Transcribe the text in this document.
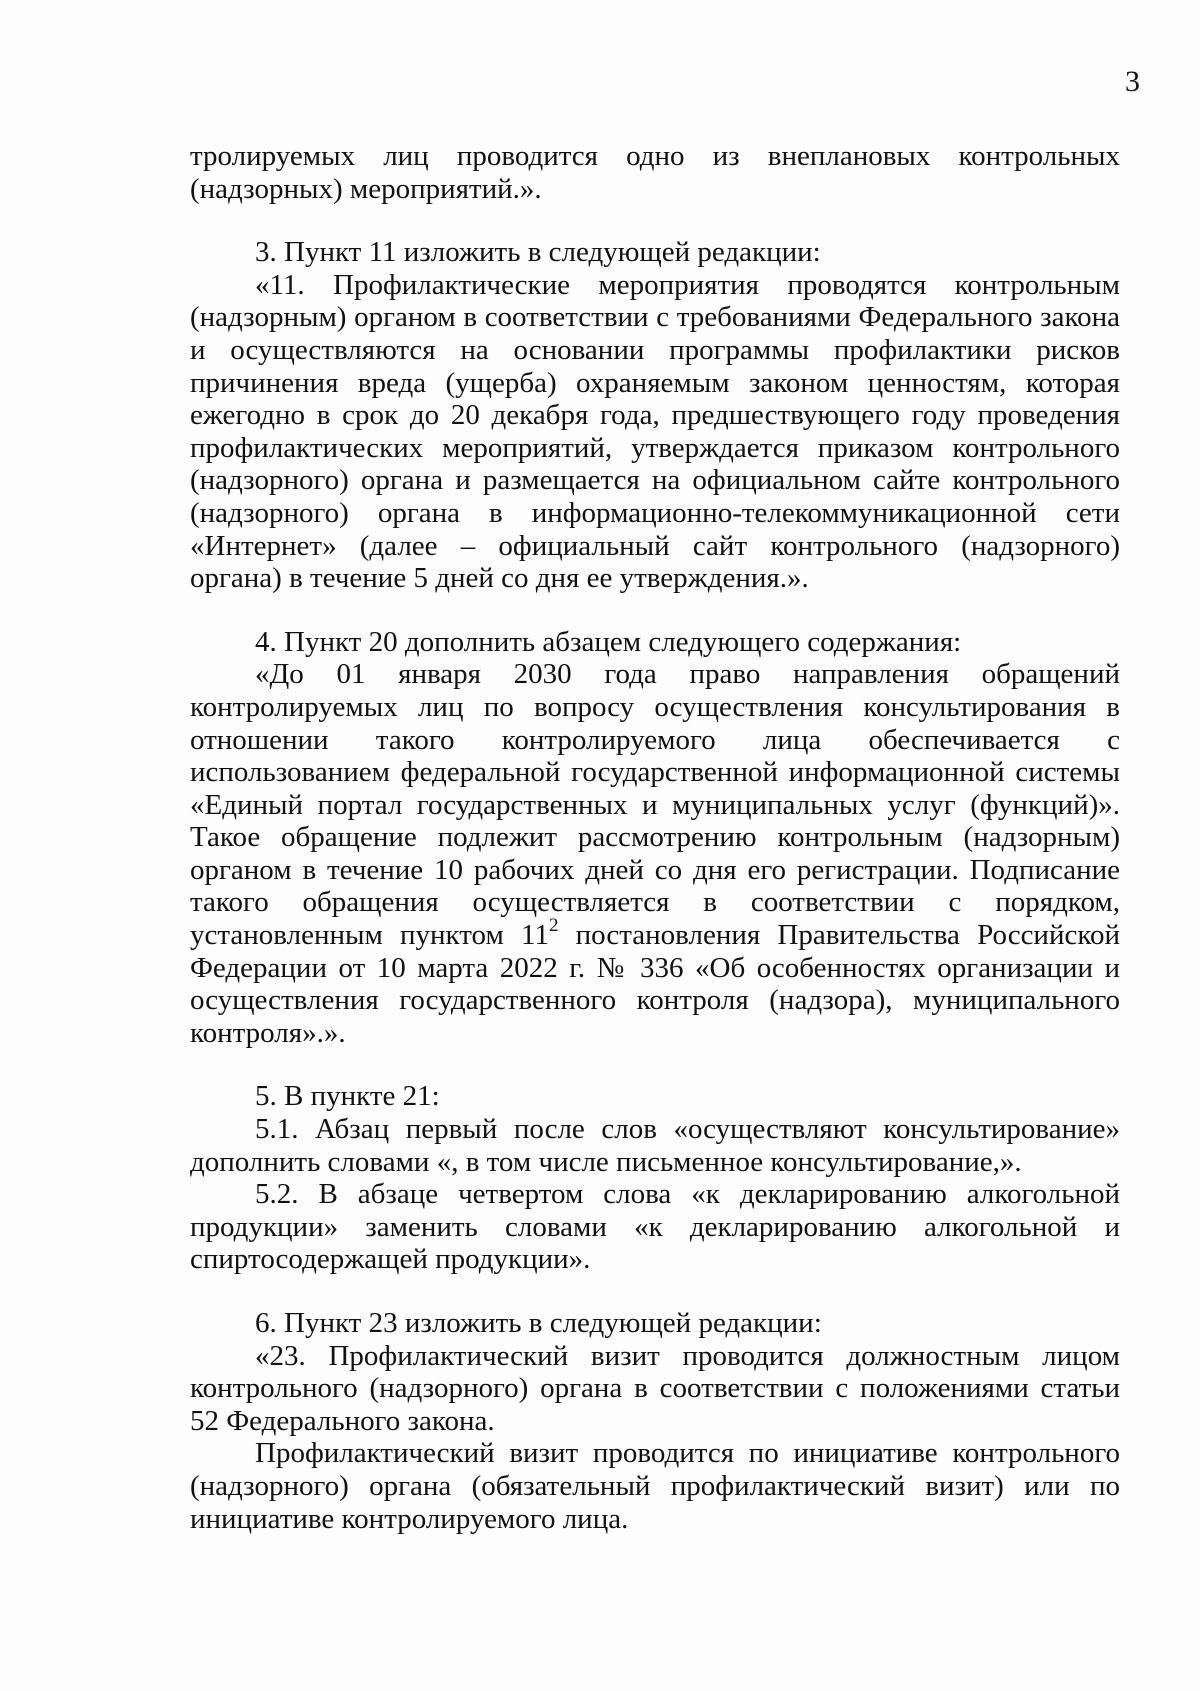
3

тролируемых лиц проводится одно из внеплановых контрольных (надзорных) мероприятий.».

3. Пункт 11 изложить в следующей редакции:

«11. Профилактические мероприятия проводятся контрольным (надзорным) органом в соответствии с требованиями Федерального закона и осуществляются на основании программы профилактики рисков причинения вреда (ущерба) охраняемым законом ценностям, которая ежегодно в срок до 20 декабря года, предшествующего году проведения профилактических мероприятий, утверждается приказом контрольного (надзорного) органа и размещается на официальном сайте контрольного (надзорного) органа в информационно-телекоммуникационной сети «Интернет» (далее – официальный сайт контрольного (надзорного) органа) в течение 5 дней со дня ее утверждения.».

4. Пункт 20 дополнить абзацем следующего содержания:

«До 01 января 2030 года право направления обращений контролируемых лиц по вопросу осуществления консультирования в отношении такого контролируемого лица обеспечивается с использованием федеральной государственной информационной системы «Единый портал государственных и муниципальных услуг (функций)». Такое обращение подлежит рассмотрению контрольным (надзорным) органом в течение 10 рабочих дней со дня его регистрации. Подписание такого обращения осуществляется в соответствии с порядком, установленным пунктом $11^2$ постановления Правительства Российской Федерации от 10 марта 2022 г. № 336 «Об особенностях организации и осуществления государственного контроля (надзора), муниципального контроля».».

5. В пункте 21:

5.1. Абзац первый после слов «осуществляют консультирование» дополнить словами «, в том числе письменное консультирование,».

5.2. В абзаце четвертом слова «к декларированию алкогольной продукции» заменить словами «к декларированию алкогольной и спиртосодержащей продукции».

6. Пункт 23 изложить в следующей редакции:

«23. Профилактический визит проводится должностным лицом контрольного (надзорного) органа в соответствии с положениями статьи 52 Федерального закона.

Профилактический визит проводится по инициативе контрольного (надзорного) органа (обязательный профилактический визит) или по инициативе контролируемого лица.
